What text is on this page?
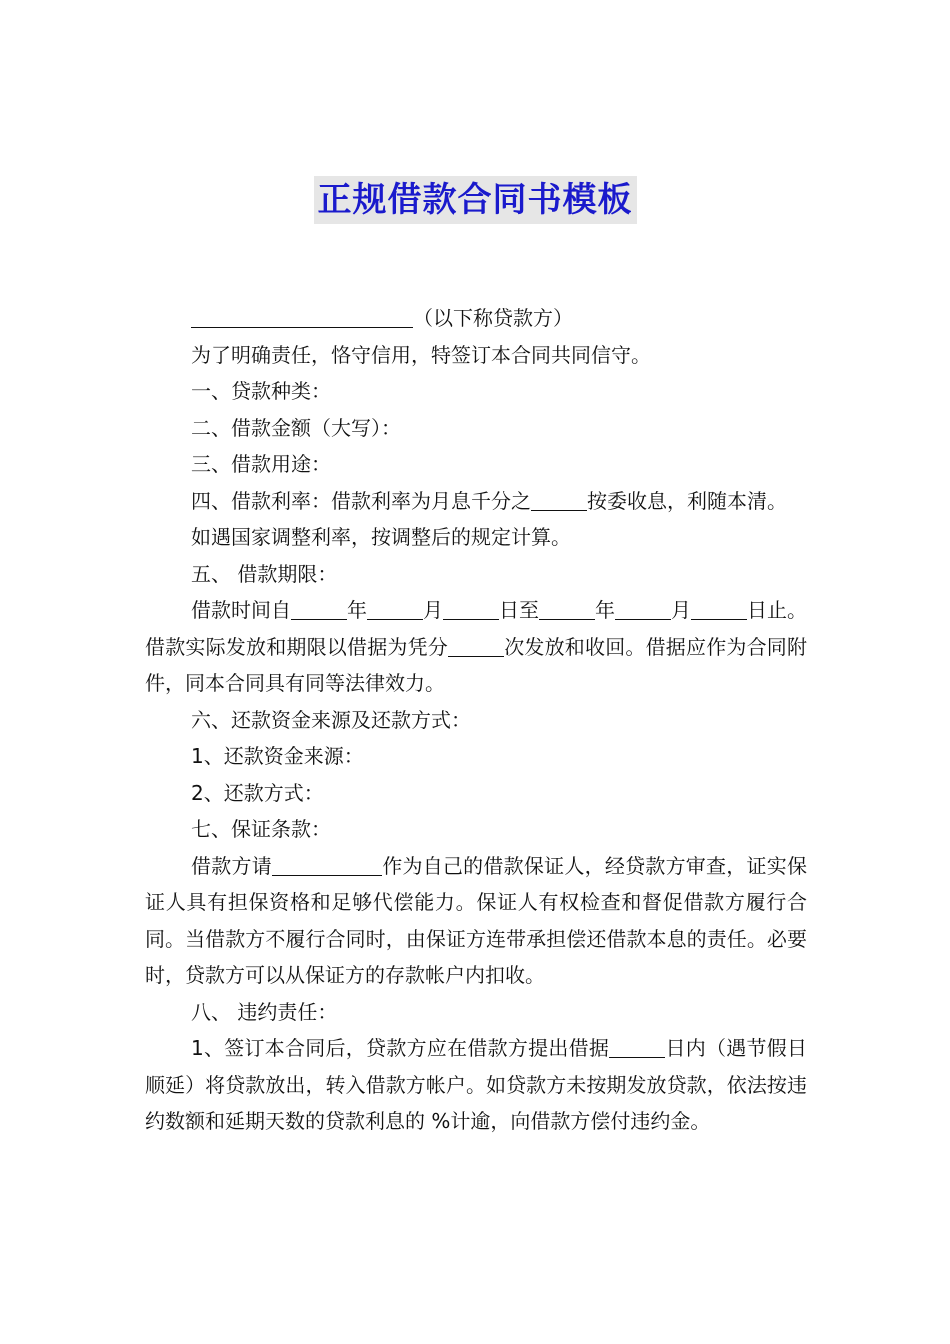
正规借款合同书模板

（以下称贷款方）

为了明确责任，恪守信用，特签订本合同共同信守。

一、贷款种类：

二、借款金额（大写）：

三、借款用途：

四、借款利率：借款利率为月息千分之	按委收息，利随本清。

如遇国家调整利率，按调整后的规定计算。

五、 借款期限：

借款时间自	年	月	日至	年	月	日止。借款实际发放和期限以借据为凭分	次发放和收回。借据应作为合同附件，同本合同具有同等法律效力。

六、还款资金来源及还款方式：

1、还款资金来源：

2、还款方式：

七、保证条款：

借款方请	作为自己的借款保证人，经贷款方审查，证实保证人具有担保资格和足够代偿能力。保证人有权检查和督促借款方履行合同。当借款方不履行合同时，由保证方连带承担偿还借款本息的责任。必要时，贷款方可以从保证方的存款帐户内扣收。

八、 违约责任：

1、签订本合同后，贷款方应在借款方提出借据	日内（遇节假日顺延）将贷款放出，转入借款方帐户。如贷款方未按期发放贷款，依法按违约数额和延期天数的贷款利息的 %计逾，向借款方偿付违约金。
